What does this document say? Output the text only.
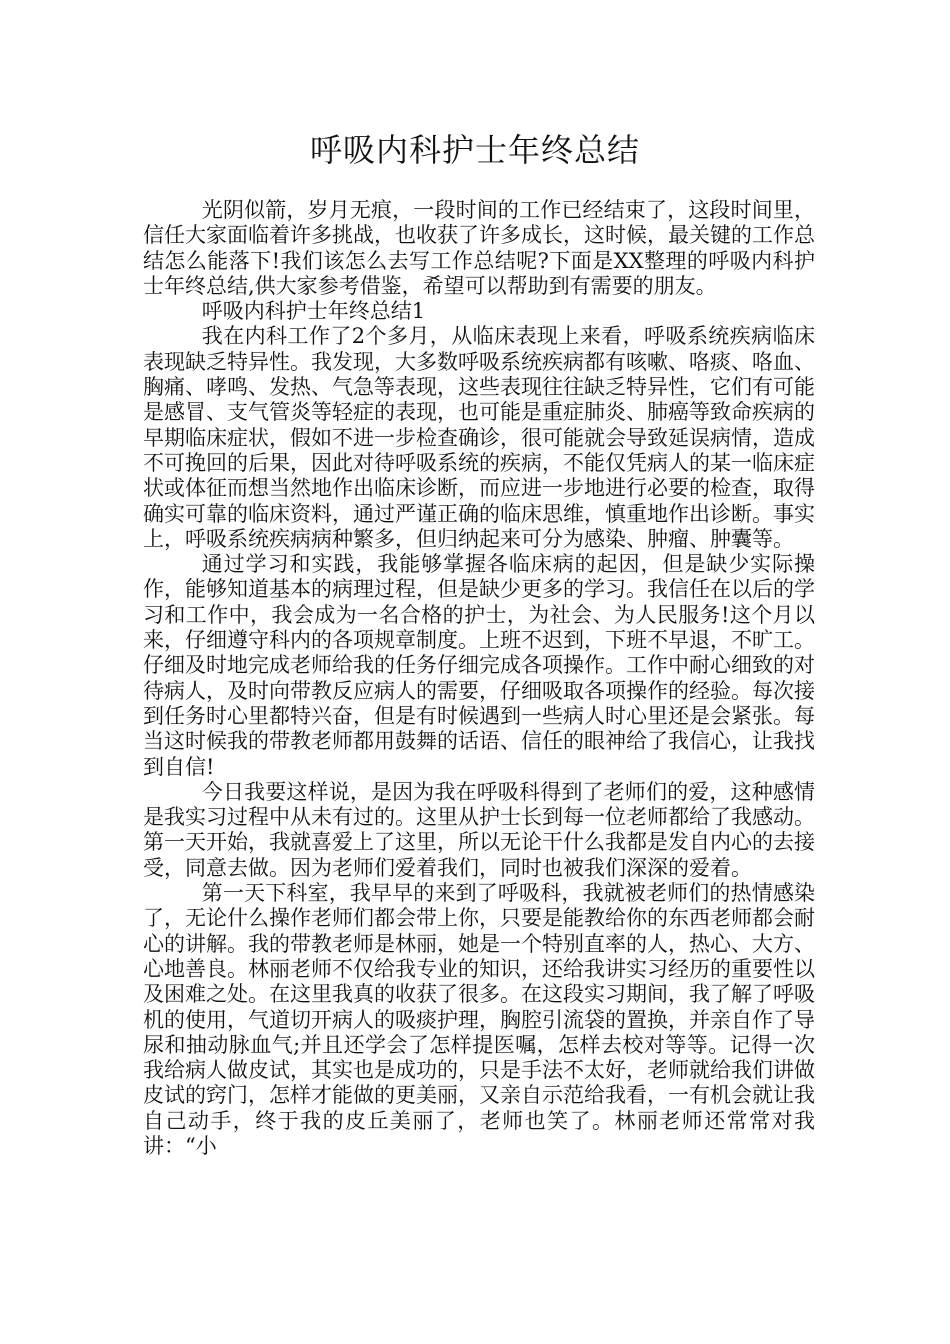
呼吸内科护士年终总结

光阴似箭，岁月无痕，一段时间的工作已经结束了，这段时间里，信任大家面临着许多挑战，也收获了许多成长，这时候，最关键的工作总结怎么能落下!我们该怎么去写工作总结呢?下面是XX整理的呼吸内科护士年终总结,供大家参考借鉴，希望可以帮助到有需要的朋友。

呼吸内科护士年终总结1

我在内科工作了2个多月，从临床表现上来看，呼吸系统疾病临床表现缺乏特异性。我发现，大多数呼吸系统疾病都有咳嗽、咯痰、咯血、胸痛、哮鸣、发热、气急等表现，这些表现往往缺乏特异性，它们有可能是感冒、支气管炎等轻症的表现，也可能是重症肺炎、肺癌等致命疾病的早期临床症状，假如不进一步检查确诊，很可能就会导致延误病情，造成不可挽回的后果，因此对待呼吸系统的疾病，不能仅凭病人的某一临床症状或体征而想当然地作出临床诊断，而应进一步地进行必要的检查，取得确实可靠的临床资料，通过严谨正确的临床思维，慎重地作出诊断。事实上，呼吸系统疾病病种繁多，但归纳起来可分为感染、肿瘤、肿囊等。

通过学习和实践，我能够掌握各临床病的起因，但是缺少实际操作，能够知道基本的病理过程，但是缺少更多的学习。我信任在以后的学习和工作中，我会成为一名合格的护士，为社会、为人民服务!这个月以来，仔细遵守科内的各项规章制度。上班不迟到，下班不早退，不旷工。仔细及时地完成老师给我的任务仔细完成各项操作。工作中耐心细致的对待病人，及时向带教反应病人的需要，仔细吸取各项操作的经验。每次接到任务时心里都特兴奋，但是有时候遇到一些病人时心里还是会紧张。每当这时候我的带教老师都用鼓舞的话语、信任的眼神给了我信心，让我找到自信!

今日我要这样说，是因为我在呼吸科得到了老师们的爱，这种感情是我实习过程中从未有过的。这里从护士长到每一位老师都给了我感动。第一天开始，我就喜爱上了这里，所以无论干什么我都是发自内心的去接受，同意去做。因为老师们爱着我们，同时也被我们深深的爱着。

第一天下科室，我早早的来到了呼吸科，我就被老师们的热情感染了，无论什么操作老师们都会带上你，只要是能教给你的东西老师都会耐心的讲解。我的带教老师是林丽，她是一个特别直率的人，热心、大方、心地善良。林丽老师不仅给我专业的知识，还给我讲实习经历的重要性以及困难之处。在这里我真的收获了很多。在这段实习期间，我了解了呼吸机的使用，气道切开病人的吸痰护理，胸腔引流袋的置换，并亲自作了导尿和抽动脉血气;并且还学会了怎样提医嘱，怎样去校对等等。记得一次我给病人做皮试，其实也是成功的，只是手法不太好，老师就给我们讲做皮试的窍门，怎样才能做的更美丽，又亲自示范给我看，一有机会就让我自己动手，终于我的皮丘美丽了，老师也笑了。林丽老师还常常对我讲：“小
